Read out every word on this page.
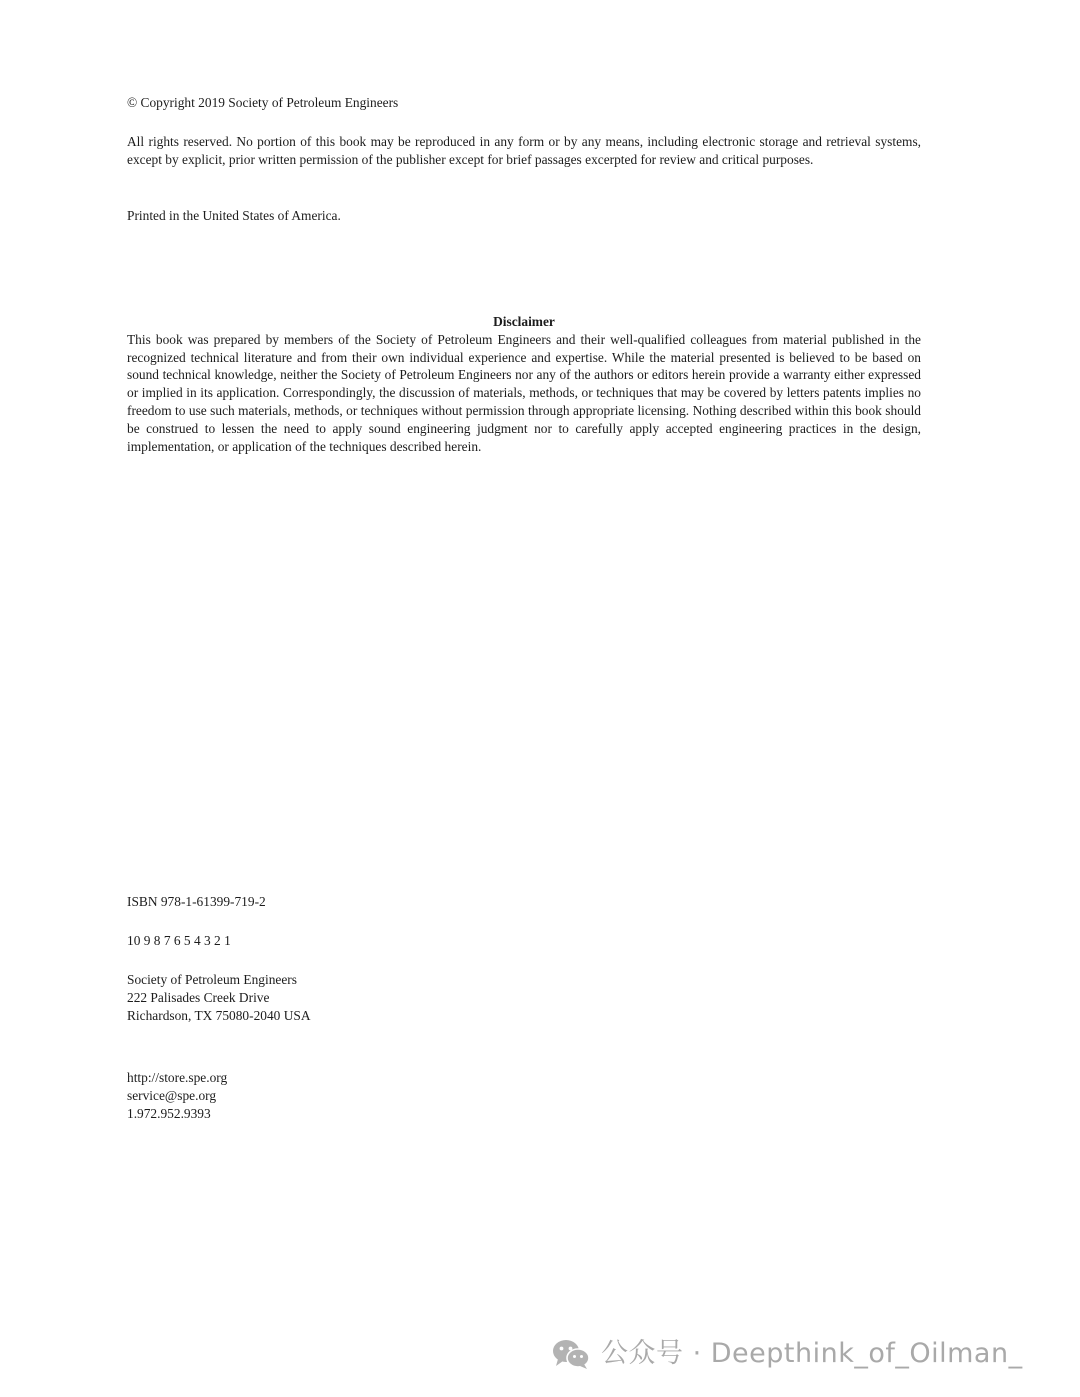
© Copyright 2019 Society of Petroleum Engineers

All rights reserved. No portion of this book may be reproduced in any form or by any means, including electronic storage and retrieval systems, except by explicit, prior written permission of the publisher except for brief passages excerpted for review and critical purposes.

Printed in the United States of America.

Disclaimer

This book was prepared by members of the Society of Petroleum Engineers and their well-qualified colleagues from material published in the recognized technical literature and from their own individual experience and expertise. While the material presented is believed to be based on sound technical knowledge, neither the Society of Petroleum Engineers nor any of the authors or editors herein provide a warranty either expressed or implied in its application. Correspondingly, the discussion of materials, methods, or techniques that may be covered by letters patents implies no freedom to use such materials, methods, or techniques without permission through appropriate licensing. Nothing described within this book should be construed to lessen the need to apply sound engineering judgment nor to carefully apply accepted engineering practices in the design, implementation, or application of the techniques described herein.

ISBN 978-1-61399-719-2

10 9 8 7 6 5 4 3 2 1

Society of Petroleum Engineers

222 Palisades Creek Drive

Richardson, TX 75080-2040 USA

http://store.spe.org

service@spe.org

1.972.952.9393

公众号 · Deepthink_of_Oilman_
